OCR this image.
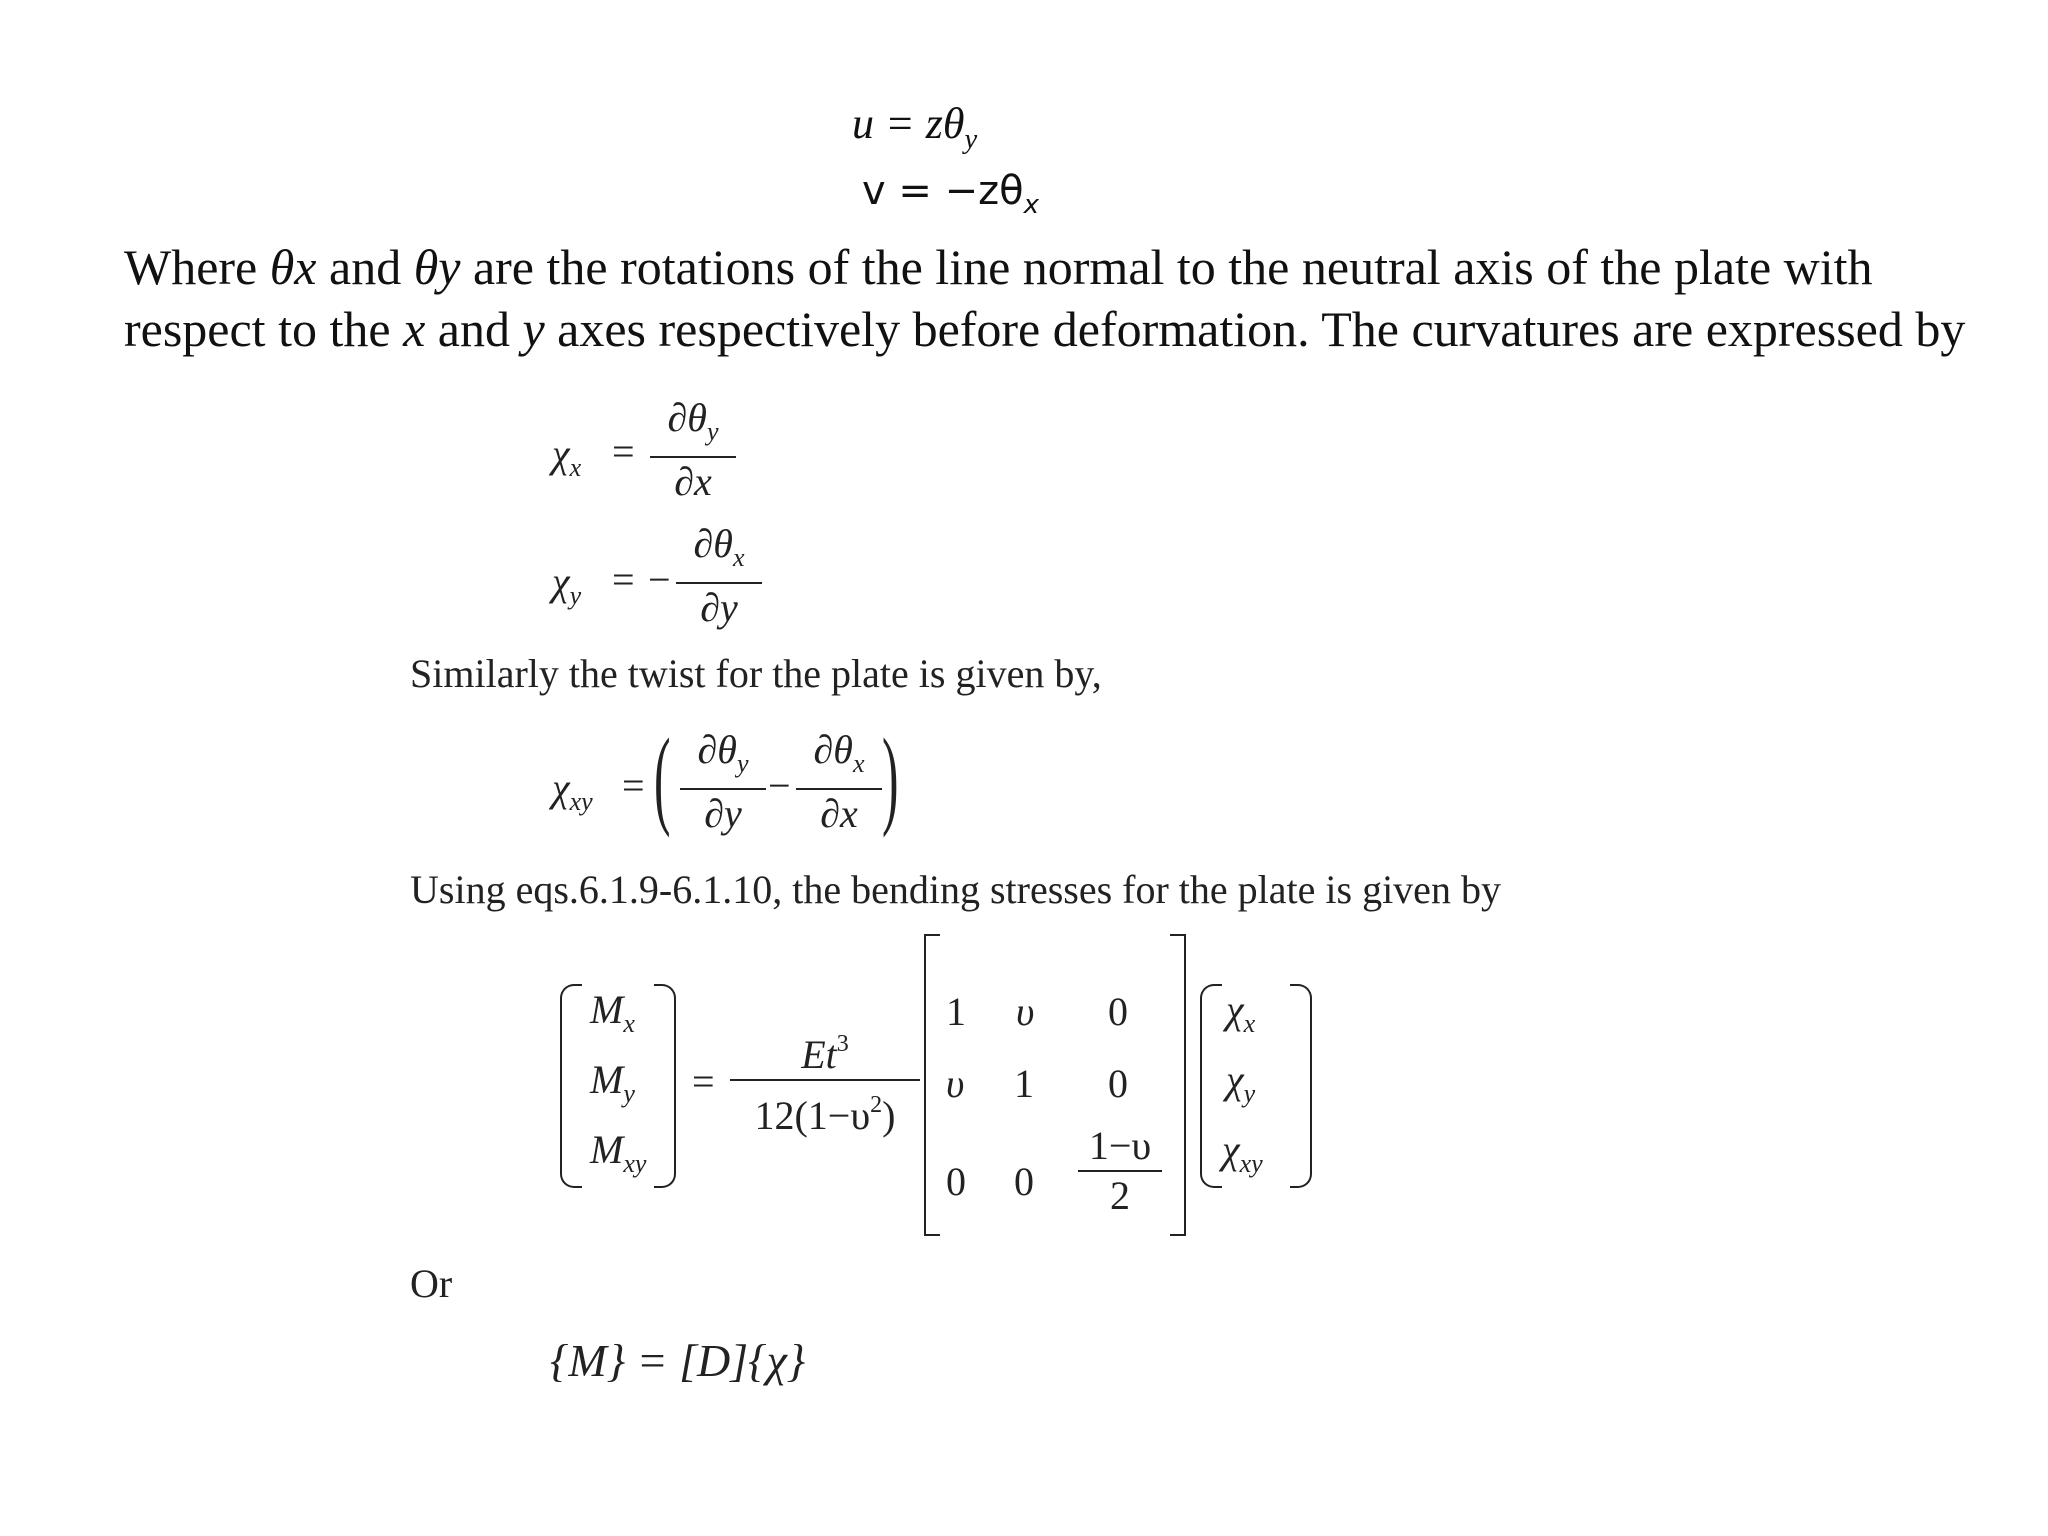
$u = z\theta_y$
$v = -z\theta_x$
Where θx and θy are the rotations of the line normal to the neutral axis of the plate with respect to the x and y axes respectively before deformation. The curvatures are expressed by
$\chi_x$ =
$\partial\theta_y$
∂x
$\chi_y$ = −
$\partial\theta_x$
∂y
Similarly the twist for the plate is given by,
$\chi_{xy}$ = ( $\partial\theta_y$
∂y
−
$\partial\theta_x$
∂x )
Using eqs.6.1.9-6.1.10, the bending stresses for the plate is given by
$M_x$
$M_y$
$M_{xy}$
=
$Et^3$
$12(1-\upsilon^2)$
1 υ 0
υ 1 0
0 0
1−υ
2
$\chi_x$
$\chi_y$
$\chi_{xy}$
Or
{M} = [D]{χ}
